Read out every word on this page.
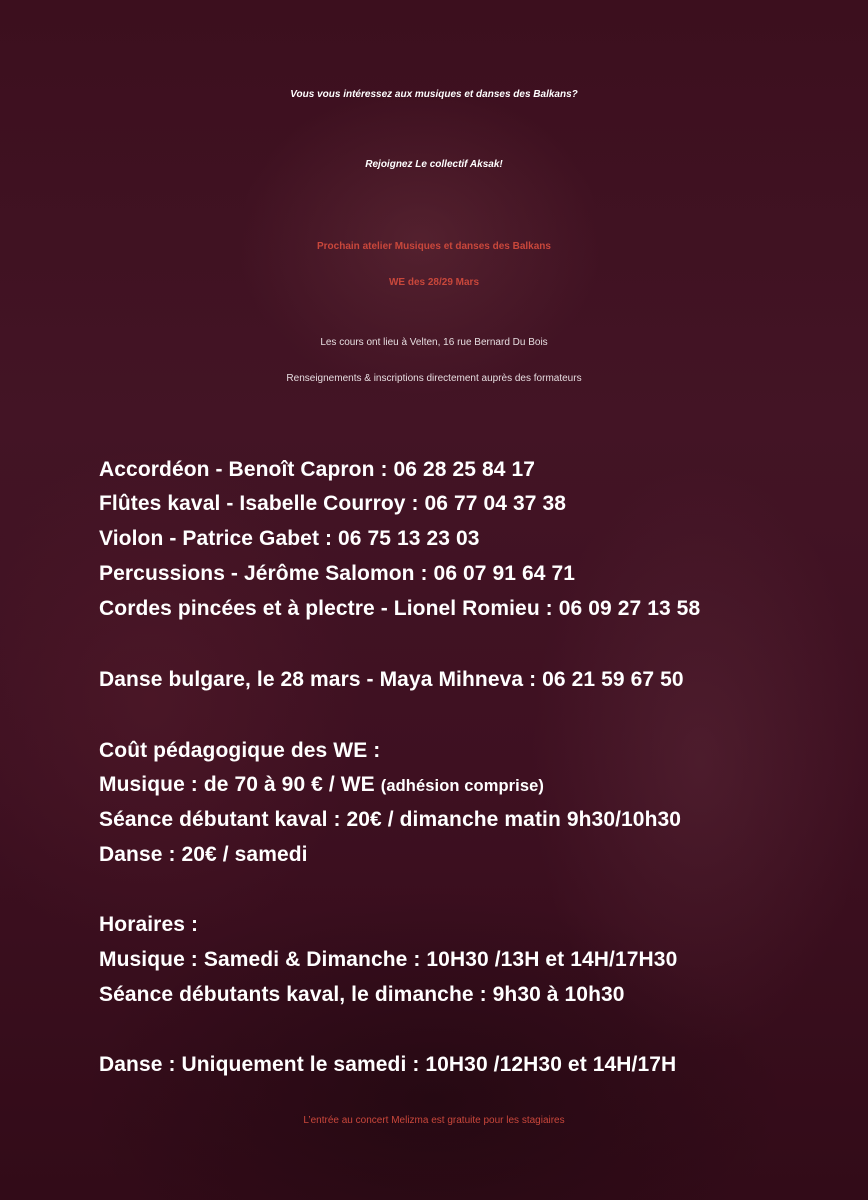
Vous vous intéressez aux musiques et danses des Balkans?
Rejoignez Le collectif Aksak!
Prochain atelier Musiques et danses des Balkans
WE des 28/29 Mars
Les cours ont lieu à Velten, 16 rue Bernard Du Bois
Renseignements & inscriptions directement auprès des formateurs
Accordéon - Benoît Capron : 06 28 25 84 17
Flûtes kaval - Isabelle Courroy : 06 77 04 37 38
Violon - Patrice Gabet : 06 75 13 23 03
Percussions - Jérôme Salomon : 06 07 91 64 71
Cordes pincées et à plectre - Lionel Romieu : 06 09 27 13 58
Danse bulgare, le 28 mars - Maya Mihneva : 06 21 59 67 50
Coût pédagogique des WE :
Musique : de 70 à 90 € / WE (adhésion comprise)
Séance débutant kaval : 20€ / dimanche matin 9h30/10h30
Danse : 20€ / samedi
Horaires :
Musique : Samedi & Dimanche : 10H30 /13H et 14H/17H30
Séance débutants kaval, le dimanche : 9h30 à 10h30
Danse : Uniquement le samedi : 10H30 /12H30 et 14H/17H
L’entrée au concert Melizma est gratuite pour les stagiaires
